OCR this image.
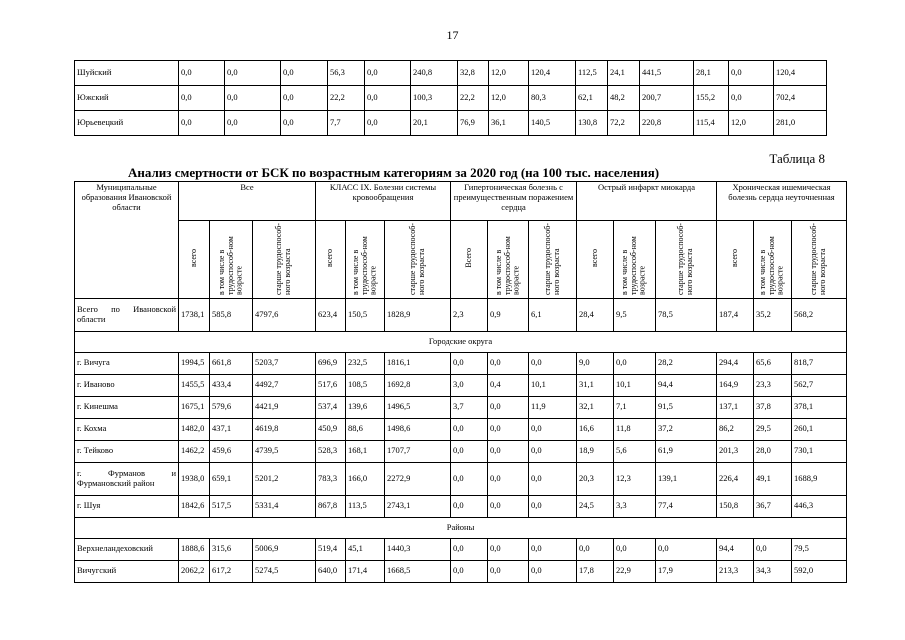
17
Шуйский	0,0	0,0	0,0	56,3	0,0	240,8	32,8	12,0	120,4	112,5	24,1	441,5	28,1	0,0	120,4
Южский	0,0	0,0	0,0	22,2	0,0	100,3	22,2	12,0	80,3	62,1	48,2	200,7	155,2	0,0	702,4
Юрьевецкий	0,0	0,0	0,0	7,7	0,0	20,1	76,9	36,1	140,5	130,8	72,2	220,8	115,4	12,0	281,0
Таблица 8
Анализ смертности от БСК по возрастным категориям за 2020 год (на 100 тыс. населения)
Муниципальные образования Ивановской области	Все			КЛАСС IX. Болезни системы кровообращения			Гипертоническая болезнь с преимущественным поражением сердца			Острый инфаркт миокарда			Хроническая ишемическая болезнь сердца неуточненная		
	всего	в том числе в трудоспособ-ном возрасте	старше трудоспособ-ного возраста	всего	в том числе в трудоспособ-ном возрасте	старше трудоспособ-ного возраста	Всего	в том числе в трудоспособ-ном возрасте	старше трудоспособ-ного возраста	всего	в том числе в трудоспособ-ном возрасте	старше трудоспособ-ного возраста	всего	в том числе в трудоспособ-ном возрасте	старше трудоспособ-ного возраста
Всего по Ивановской области	1738,1	585,8	4797,6	623,4	150,5	1828,9	2,3	0,9	6,1	28,4	9,5	78,5	187,4	35,2	568,2
Городские округа															
г. Вичуга	1994,5	661,8	5203,7	696,9	232,5	1816,1	0,0	0,0	0,0	9,0	0,0	28,2	294,4	65,6	818,7
г. Иваново	1455,5	433,4	4492,7	517,6	108,5	1692,8	3,0	0,4	10,1	31,1	10,1	94,4	164,9	23,3	562,7
г. Кинешма	1675,1	579,6	4421,9	537,4	139,6	1496,5	3,7	0,0	11,9	32,1	7,1	91,5	137,1	37,8	378,1
г. Кохма	1482,0	437,1	4619,8	450,9	88,6	1498,6	0,0	0,0	0,0	16,6	11,8	37,2	86,2	29,5	260,1
г. Тейково	1462,2	459,6	4739,5	528,3	168,1	1707,7	0,0	0,0	0,0	18,9	5,6	61,9	201,3	28,0	730,1
г. Фурманов и Фурмановский район	1938,0	659,1	5201,2	783,3	166,0	2272,9	0,0	0,0	0,0	20,3	12,3	139,1	226,4	49,1	1688,9
г. Шуя	1842,6	517,5	5331,4	867,8	113,5	2743,1	0,0	0,0	0,0	24,5	3,3	77,4	150,8	36,7	446,3
Районы															
Верхнеландеховский	1888,6	315,6	5006,9	519,4	45,1	1440,3	0,0	0,0	0,0	0,0	0,0	0,0	94,4	0,0	79,5
Вичугский	2062,2	617,2	5274,5	640,0	171,4	1668,5	0,0	0,0	0,0	17,8	22,9	17,9	213,3	34,3	592,0
